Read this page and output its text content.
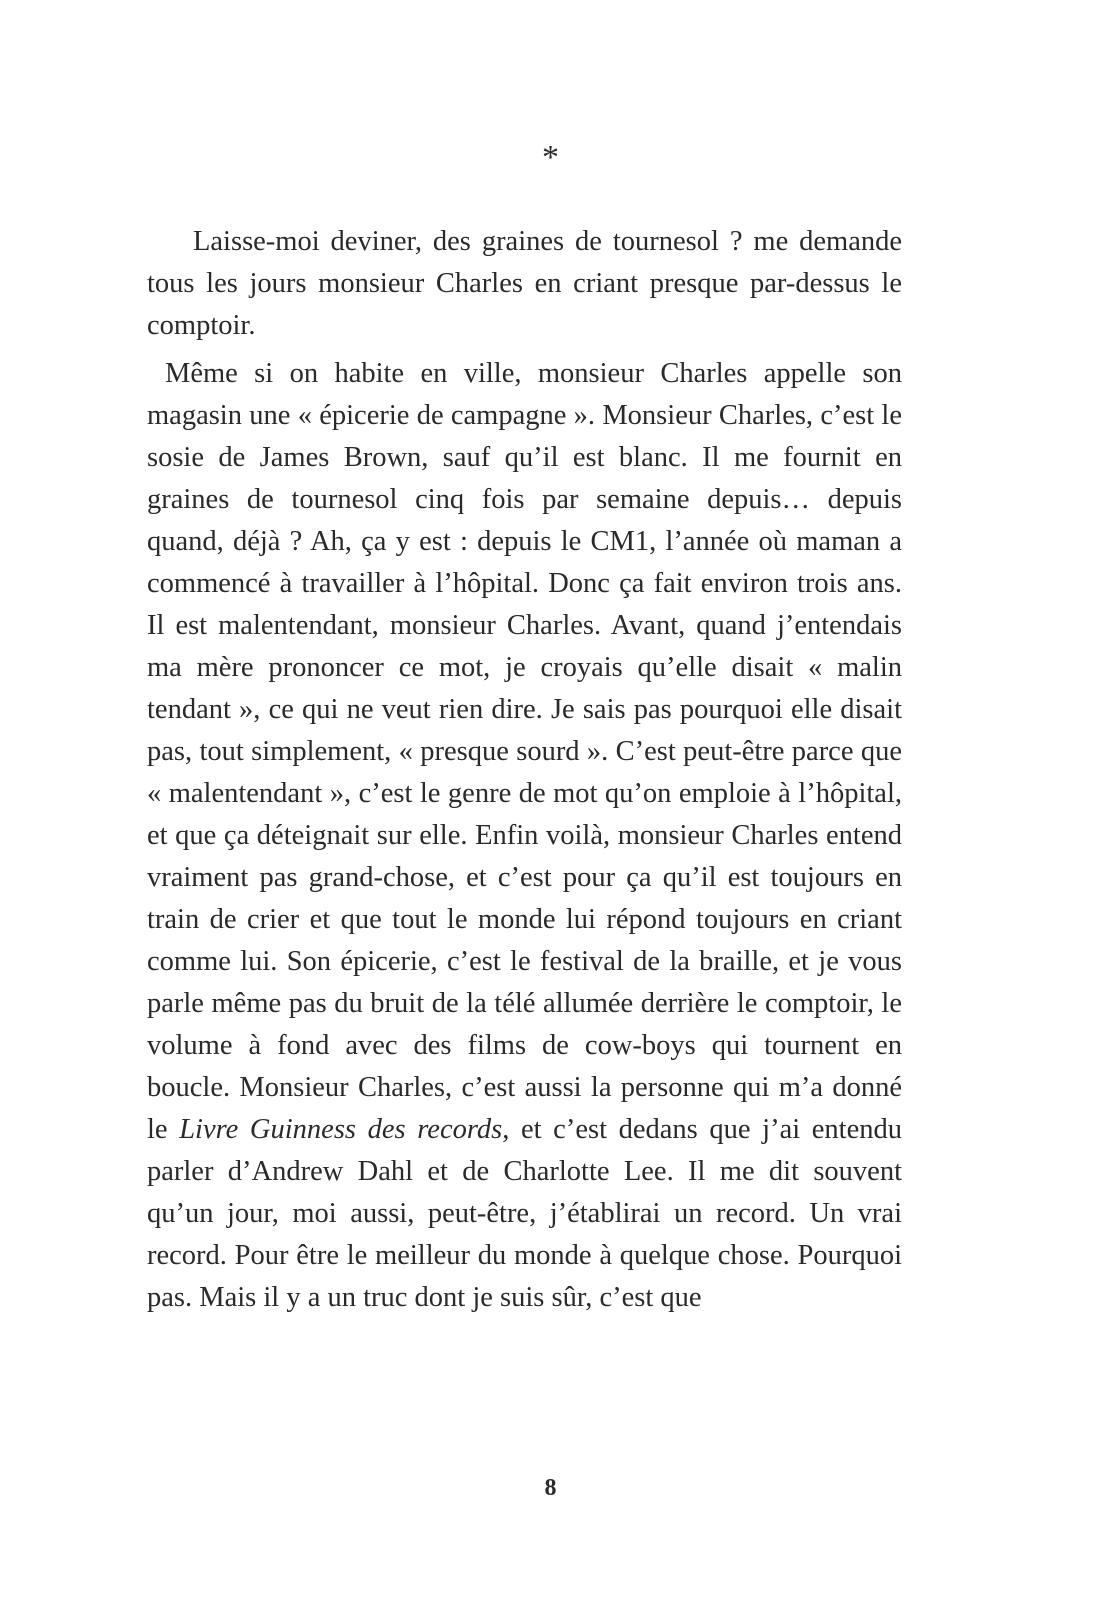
*

Laisse-moi deviner, des graines de tournesol ? me demande tous les jours monsieur Charles en criant presque par-dessus le comptoir.

Même si on habite en ville, monsieur Charles appelle son magasin une « épicerie de campagne ». Monsieur Charles, c’est le sosie de James Brown, sauf qu’il est blanc. Il me fournit en graines de tournesol cinq fois par semaine depuis… depuis quand, déjà ? Ah, ça y est : depuis le CM1, l’année où maman a commencé à travailler à l’hôpital. Donc ça fait environ trois ans. Il est malentendant, monsieur Charles. Avant, quand j’entendais ma mère prononcer ce mot, je croyais qu’elle disait « malin tendant », ce qui ne veut rien dire. Je sais pas pourquoi elle disait pas, tout simplement, « presque sourd ». C’est peut-être parce que « malentendant », c’est le genre de mot qu’on emploie à l’hôpital, et que ça déteignait sur elle. Enfin voilà, monsieur Charles entend vraiment pas grand-chose, et c’est pour ça qu’il est toujours en train de crier et que tout le monde lui répond toujours en criant comme lui. Son épicerie, c’est le festival de la braille, et je vous parle même pas du bruit de la télé allumée derrière le comptoir, le volume à fond avec des films de cow-boys qui tournent en boucle. Monsieur Charles, c’est aussi la personne qui m’a donné le Livre Guinness des records, et c’est dedans que j’ai entendu parler d’Andrew Dahl et de Charlotte Lee. Il me dit souvent qu’un jour, moi aussi, peut-être, j’établirai un record. Un vrai record. Pour être le meilleur du monde à quelque chose. Pourquoi pas. Mais il y a un truc dont je suis sûr, c’est que

8
